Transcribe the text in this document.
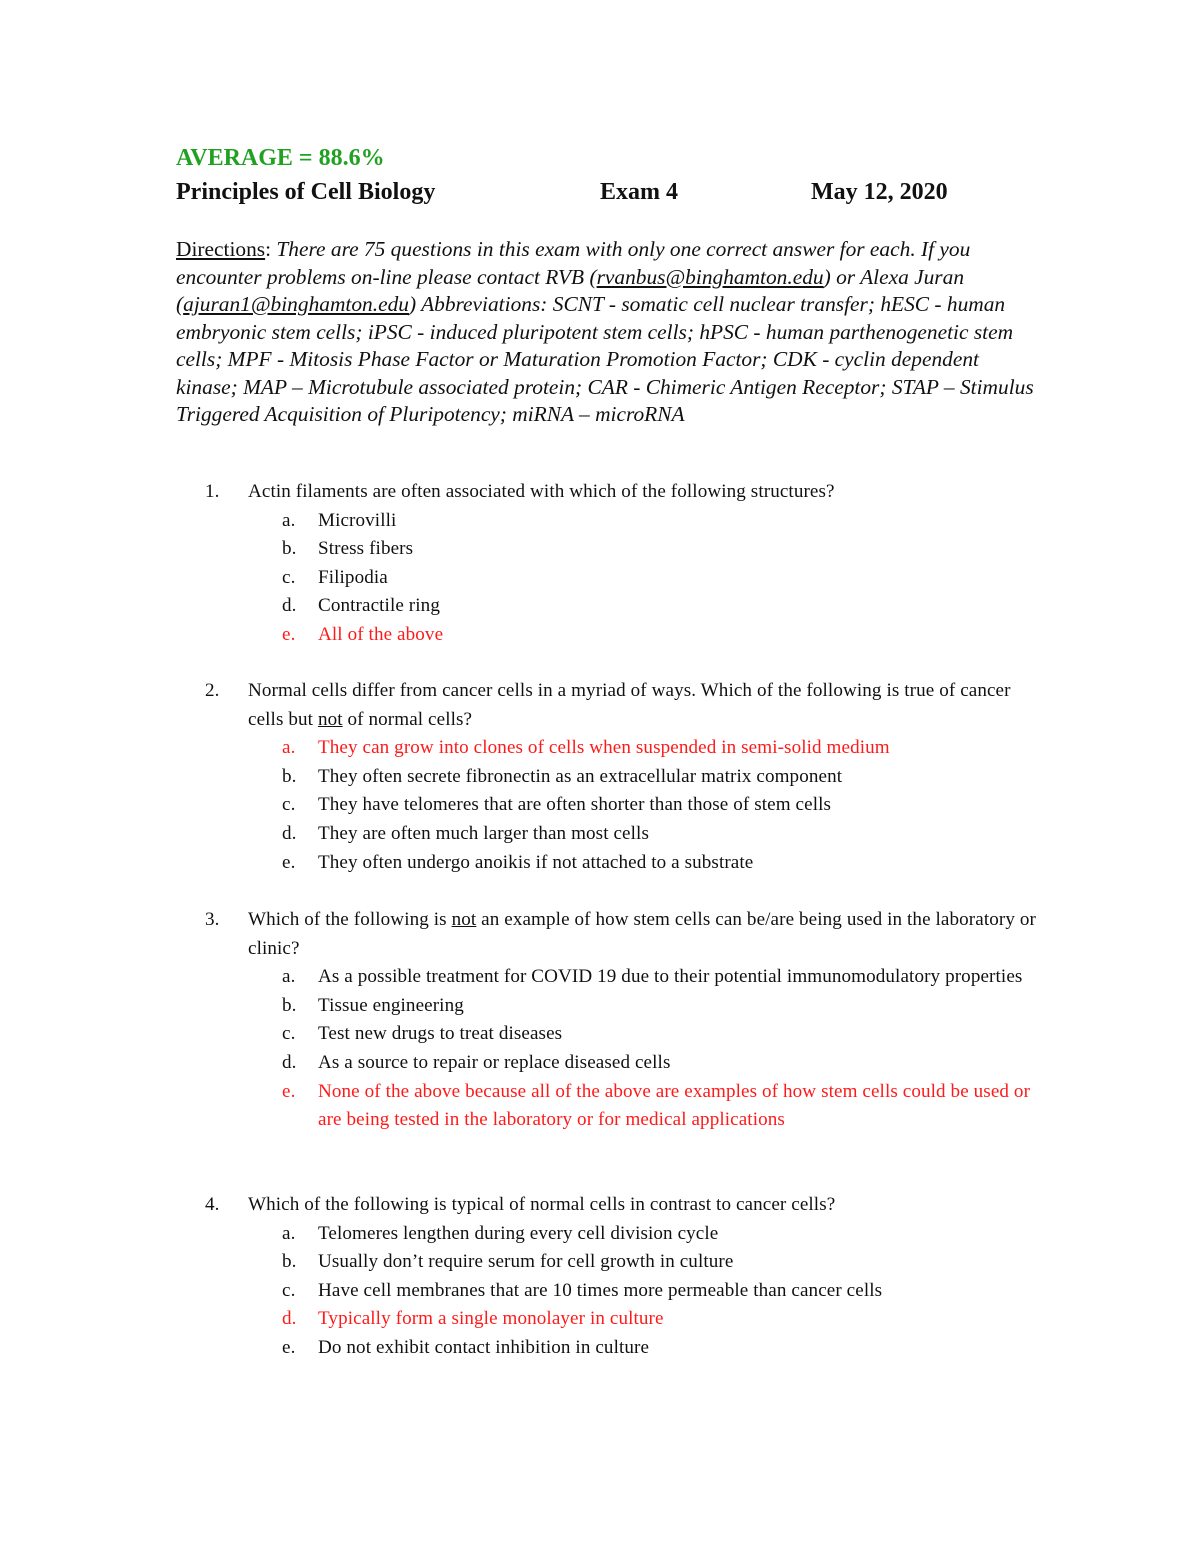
AVERAGE = 88.6%
Principles of Cell Biology	Exam 4	May 12, 2020
Directions: There are 75 questions in this exam with only one correct answer for each. If you encounter problems on-line please contact RVB (rvanbus@binghamton.edu) or Alexa Juran (ajuran1@binghamton.edu) Abbreviations: SCNT - somatic cell nuclear transfer; hESC - human embryonic stem cells; iPSC - induced pluripotent stem cells; hPSC - human parthenogenetic stem cells; MPF - Mitosis Phase Factor or Maturation Promotion Factor; CDK - cyclin dependent kinase; MAP – Microtubule associated protein; CAR - Chimeric Antigen Receptor; STAP – Stimulus Triggered Acquisition of Pluripotency; miRNA – microRNA
1. Actin filaments are often associated with which of the following structures?
a. Microvilli
b. Stress fibers
c. Filipodia
d. Contractile ring
e. All of the above
2. Normal cells differ from cancer cells in a myriad of ways. Which of the following is true of cancer cells but not of normal cells?
a. They can grow into clones of cells when suspended in semi-solid medium
b. They often secrete fibronectin as an extracellular matrix component
c. They have telomeres that are often shorter than those of stem cells
d. They are often much larger than most cells
e. They often undergo anoikis if not attached to a substrate
3. Which of the following is not an example of how stem cells can be/are being used in the laboratory or clinic?
a. As a possible treatment for COVID 19 due to their potential immunomodulatory properties
b. Tissue engineering
c. Test new drugs to treat diseases
d. As a source to repair or replace diseased cells
e. None of the above because all of the above are examples of how stem cells could be used or are being tested in the laboratory or for medical applications
4. Which of the following is typical of normal cells in contrast to cancer cells?
a. Telomeres lengthen during every cell division cycle
b. Usually don’t require serum for cell growth in culture
c. Have cell membranes that are 10 times more permeable than cancer cells
d. Typically form a single monolayer in culture
e. Do not exhibit contact inhibition in culture
